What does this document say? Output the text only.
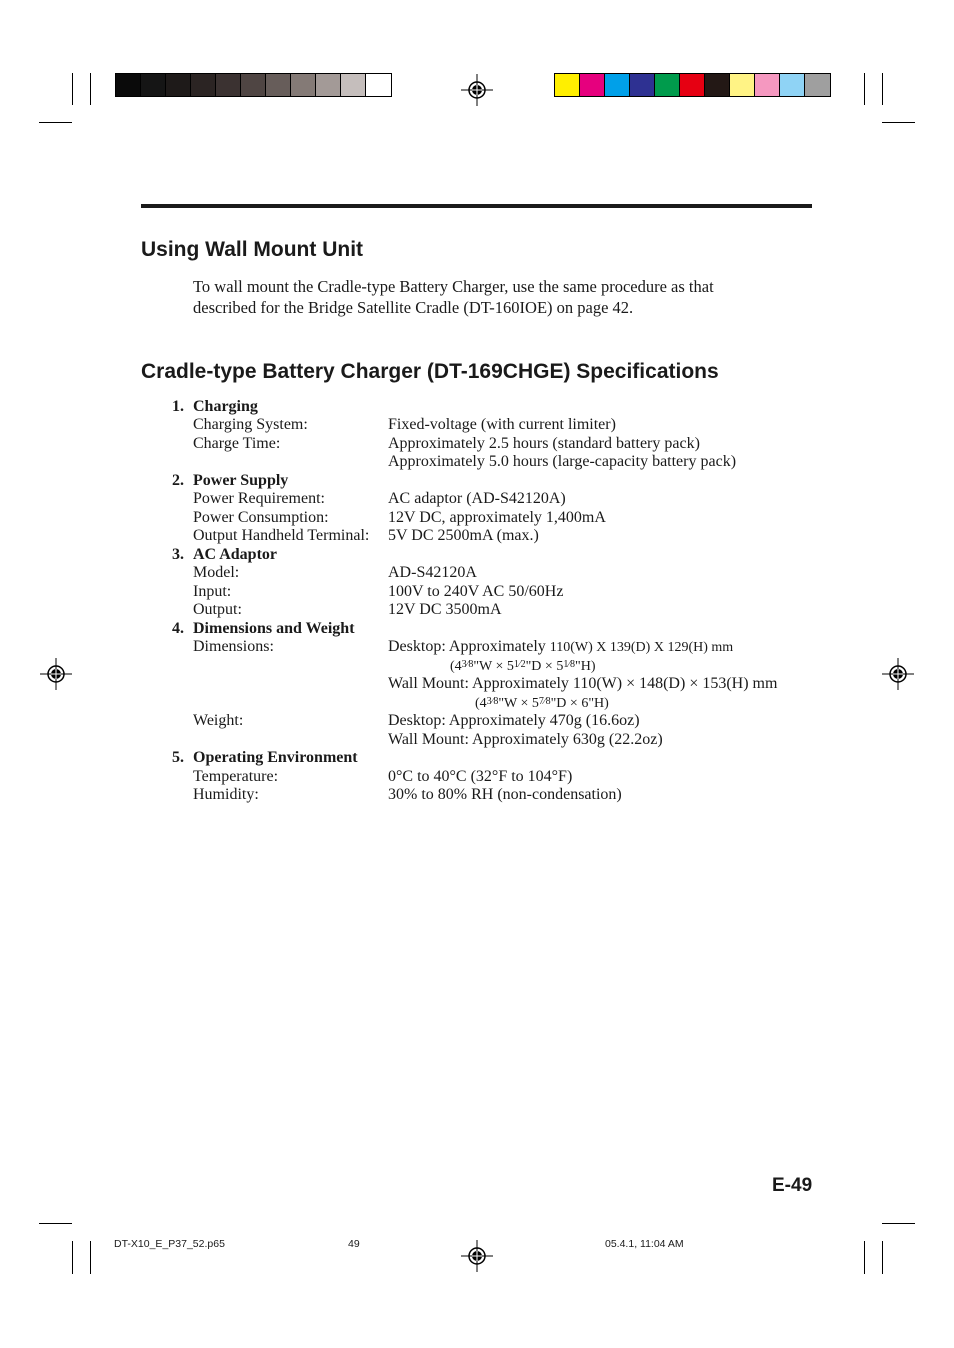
Using Wall Mount Unit
To wall mount the Cradle-type Battery Charger, use the same procedure as that
described for the Bridge Satellite Cradle (DT-160IOE) on page 42.
Cradle-type Battery Charger (DT-169CHGE) Specifications
1. Charging
Charging System:	Fixed-voltage (with current limiter)
Charge Time:	Approximately 2.5 hours (standard battery pack)
Approximately 5.0 hours (large-capacity battery pack)
2. Power Supply
Power Requirement:	AC adaptor (AD-S42120A)
Power Consumption:	12V DC, approximately 1,400mA
Output Handheld Terminal: 5V DC 2500mA (max.)
3. AC Adaptor
Model:	AD-S42120A
Input:	100V to 240V AC 50/60Hz
Output:	12V DC 3500mA
4. Dimensions and Weight
Dimensions:	Desktop: Approximately 110(W) X 139(D) X 129(H) mm
($4^{3⁄8}"W$ × $5^{1⁄2}"D$ × $5^{1⁄8}"H$)
Wall Mount: Approximately 110(W) × 148(D) × 153(H) mm
($4^{3⁄8}"W$ × $5^{7⁄8}"D$ × 6"H)
Weight:	Desktop: Approximately 470g (16.6oz)
Wall Mount: Approximately 630g (22.2oz)
5. Operating Environment
Temperature:	0°C to 40°C (32°F to 104°F)
Humidity:	30% to 80% RH (non-condensation)
E-49
DT-X10_E_P37_52.p65	49	05.4.1, 11:04 AM
